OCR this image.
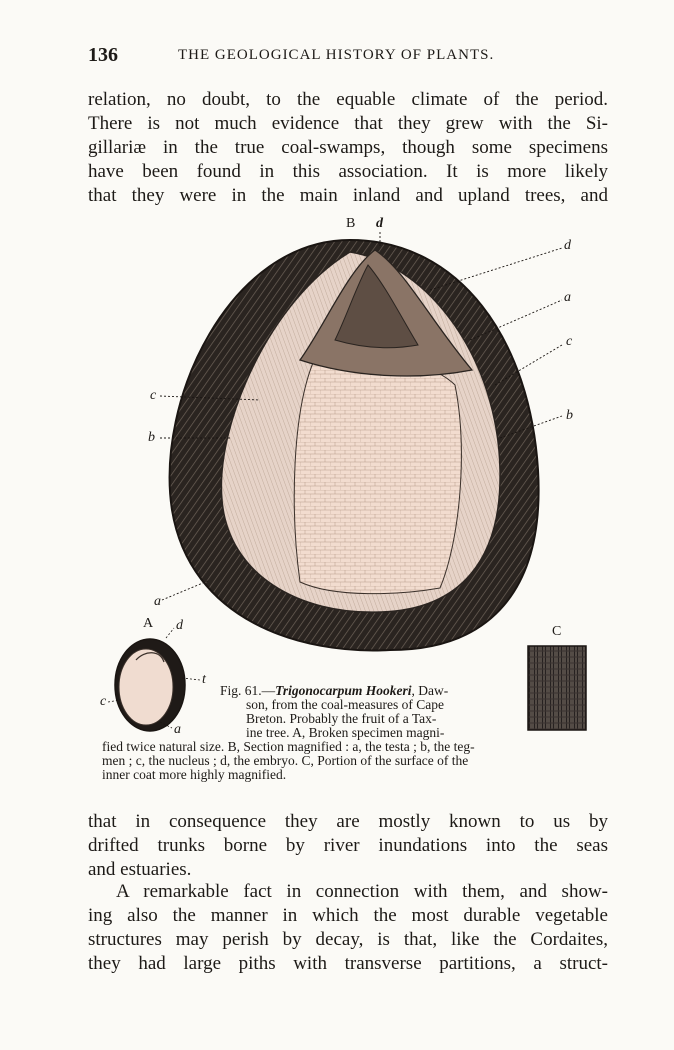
136	THE GEOLOGICAL HISTORY OF PLANTS.
relation, no doubt, to the equable climate of the period.
There is not much evidence that they grew with the Si-
gillariæ in the true coal-swamps, though some specimens
have been found in this association. It is more likely
that they were in the main inland and upland trees, and
B d
d
a
c
b
c
b
a
A d
t
c
a
C
Fig. 61.—Trigonocarpum Hookeri, Daw-
son, from the coal-measures of Cape
Breton. Probably the fruit of a Tax-
ine tree. A, Broken specimen magni-
fied twice natural size. B, Section magnified : a, the testa ; b, the teg-
men ; c, the nucleus ; d, the embryo. C, Portion of the surface of the
inner coat more highly magnified.
that in consequence they are mostly known to us by
drifted trunks borne by river inundations into the seas
and estuaries.
A remarkable fact in connection with them, and show-
ing also the manner in which the most durable vegetable
structures may perish by decay, is that, like the Cordaites,
they had large piths with transverse partitions, a struct-
